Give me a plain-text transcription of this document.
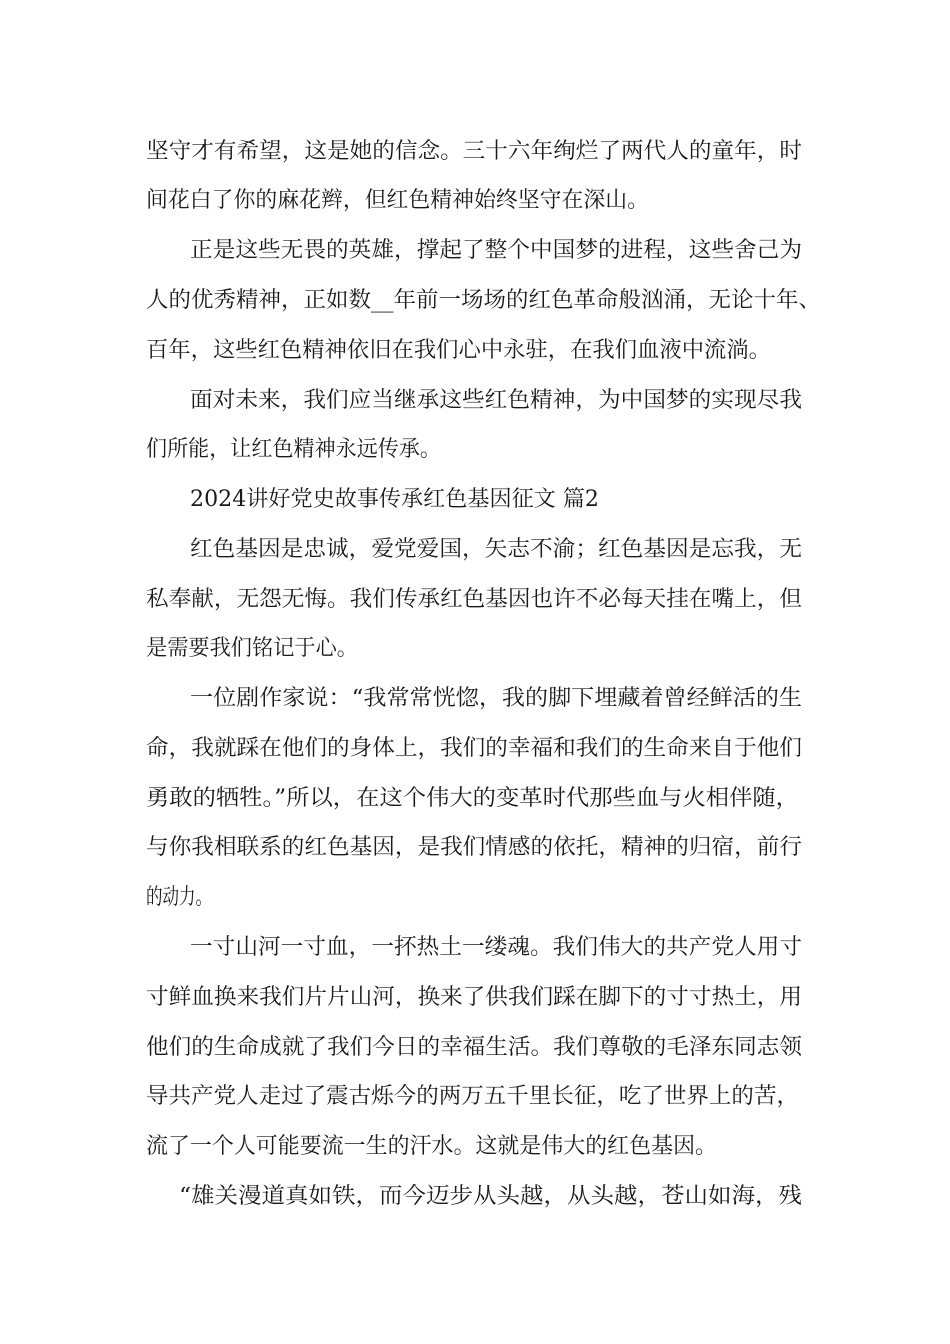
坚守才有希望，这是她的信念。三十六年绚烂了两代人的童年，时
间花白了你的麻花辫，但红色精神始终坚守在深山。
正是这些无畏的英雄，撑起了整个中国梦的进程，这些舍己为
人的优秀精神，正如数__年前一场场的红色革命般汹涌，无论十年、
百年，这些红色精神依旧在我们心中永驻，在我们血液中流淌。
面对未来，我们应当继承这些红色精神，为中国梦的实现尽我
们所能，让红色精神永远传承。
2024讲好党史故事传承红色基因征文 篇2
红色基因是忠诚，爱党爱国，矢志不渝；红色基因是忘我，无
私奉献，无怨无悔。我们传承红色基因也许不必每天挂在嘴上，但
是需要我们铭记于心。
一位剧作家说：“我常常恍惚，我的脚下埋藏着曾经鲜活的生
命，我就踩在他们的身体上，我们的幸福和我们的生命来自于他们
勇敢的牺牲。”所以，在这个伟大的变革时代那些血与火相伴随，
与你我相联系的红色基因，是我们情感的依托，精神的归宿，前行
的动力。
一寸山河一寸血，一抔热土一缕魂。我们伟大的共产党人用寸
寸鲜血换来我们片片山河，换来了供我们踩在脚下的寸寸热土，用
他们的生命成就了我们今日的幸福生活。我们尊敬的毛泽东同志领
导共产党人走过了震古烁今的两万五千里长征，吃了世界上的苦，
流了一个人可能要流一生的汗水。这就是伟大的红色基因。
“雄关漫道真如铁，而今迈步从头越，从头越，苍山如海，残
